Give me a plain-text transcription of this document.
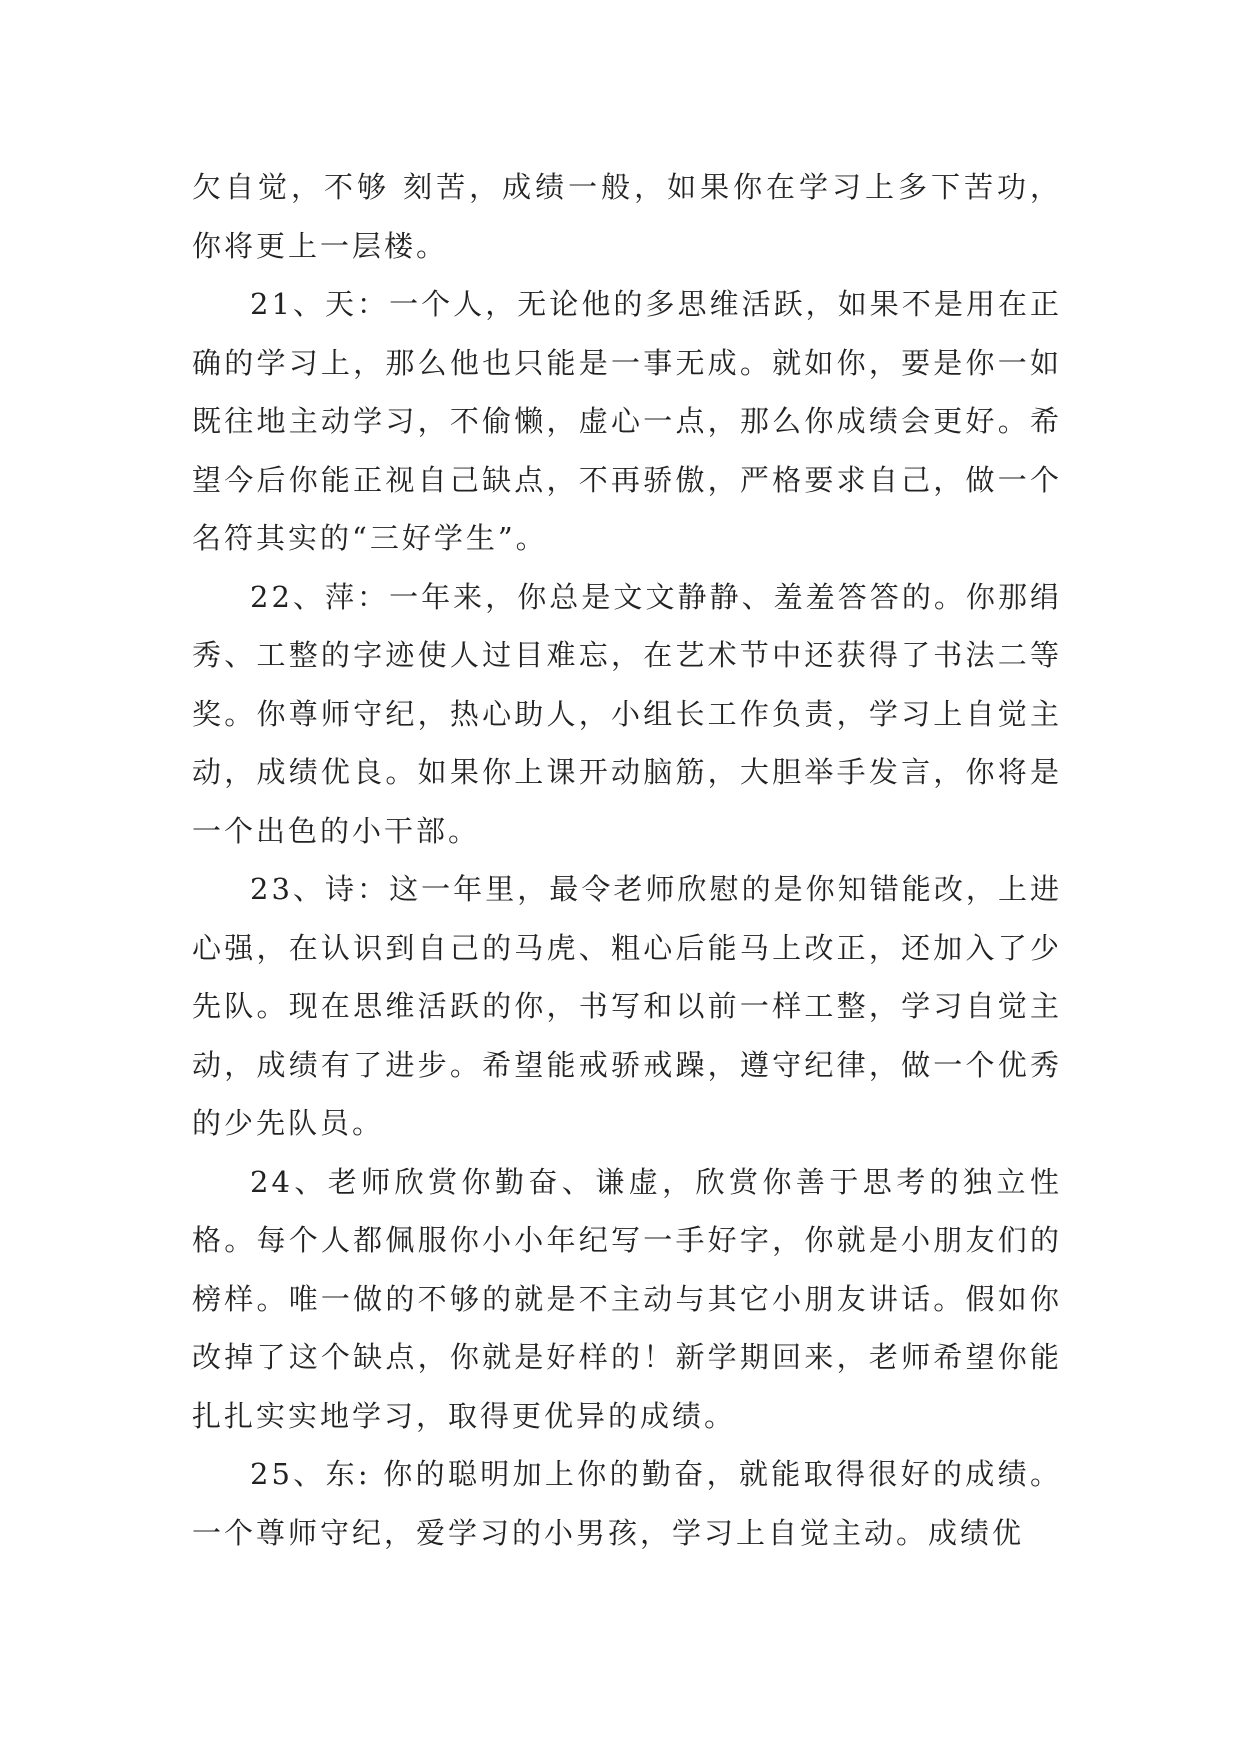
欠自觉，不够 刻苦，成绩一般，如果你在学习上多下苦功，你将更上一层楼。

21、天：一个人，无论他的多思维活跃，如果不是用在正确的学习上，那么他也只能是一事无成。就如你，要是你一如既往地主动学习，不偷懒，虚心一点，那么你成绩会更好。希望今后你能正视自己缺点，不再骄傲，严格要求自己，做一个名符其实的“三好学生”。

22、萍：一年来，你总是文文静静、羞羞答答的。你那绢秀、工整的字迹使人过目难忘，在艺术节中还获得了书法二等奖。你尊师守纪，热心助人，小组长工作负责，学习上自觉主动，成绩优良。如果你上课开动脑筋，大胆举手发言，你将是一个出色的小干部。

23、诗：这一年里，最令老师欣慰的是你知错能改，上进心强，在认识到自己的马虎、粗心后能马上改正，还加入了少先队。现在思维活跃的你，书写和以前一样工整，学习自觉主动，成绩有了进步。希望能戒骄戒躁，遵守纪律，做一个优秀的少先队员。

24、老师欣赏你勤奋、谦虚，欣赏你善于思考的独立性格。每个人都佩服你小小年纪写一手好字，你就是小朋友们的榜样。唯一做的不够的就是不主动与其它小朋友讲话。假如你改掉了这个缺点，你就是好样的！新学期回来，老师希望你能扎扎实实地学习，取得更优异的成绩。

25、东: 你的聪明加上你的勤奋，就能取得很好的成绩。一个尊师守纪，爱学习的小男孩，学习上自觉主动。成绩优
